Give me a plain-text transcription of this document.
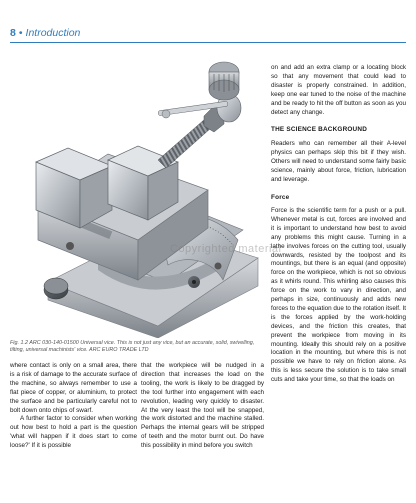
8 • Introduction
Copyrighted material
Fig. 1.2 ARC 030-140-01500 Universal vice. This is not just any vice, but an accurate, solid, swivelling, tilting, universal machinists' vice. ARC EURO TRADE LTD

where contact is only on a small area, there is a risk of damage to the accurate surface of the machine, so always remember to use a flat piece of copper, or aluminium, to protect the surface and be particularly careful not to bolt down onto chips of swarf.

A further factor to consider when working out how best to hold a part is the question 'what will happen if it does start to come loose?' If it is possible

that the workpiece will be nudged in a direction that increases the load on the tooling, the work is likely to be dragged by the tool further into engagement with each revolution, leading very quickly to disaster. At the very least the tool will be snapped, the work distorted and the machine stalled. Perhaps the internal gears will be stripped of teeth and the motor burnt out. Do have this possibility in mind before you switch

on and add an extra clamp or a locating block so that any movement that could lead to disaster is properly constrained. In addition, keep one ear tuned to the noise of the machine and be ready to hit the off button as soon as you detect any change.

THE SCIENCE BACKGROUND

Readers who can remember all their A-level physics can perhaps skip this bit if they wish. Others will need to understand some fairly basic science, mainly about force, friction, lubrication and leverage.

Force

Force is the scientific term for a push or a pull. Whenever metal is cut, forces are involved and it is important to understand how best to avoid any problems this might cause. Turning in a lathe involves forces on the cutting tool, usually downwards, resisted by the toolpost and its mountings, but there is an equal (and opposite) force on the workpiece, which is not so obvious as it whirls round. This whirling also causes this force on the work to vary in direction, and perhaps in size, continuously and adds new forces to the equation due to the rotation itself. It is the forces applied by the work-holding devices, and the friction this creates, that prevent the workpiece from moving in its mounting. Ideally this should rely on a positive location in the mounting, but where this is not possible we have to rely on friction alone. As this is less secure the solution is to take small cuts and take your time, so that the loads on
